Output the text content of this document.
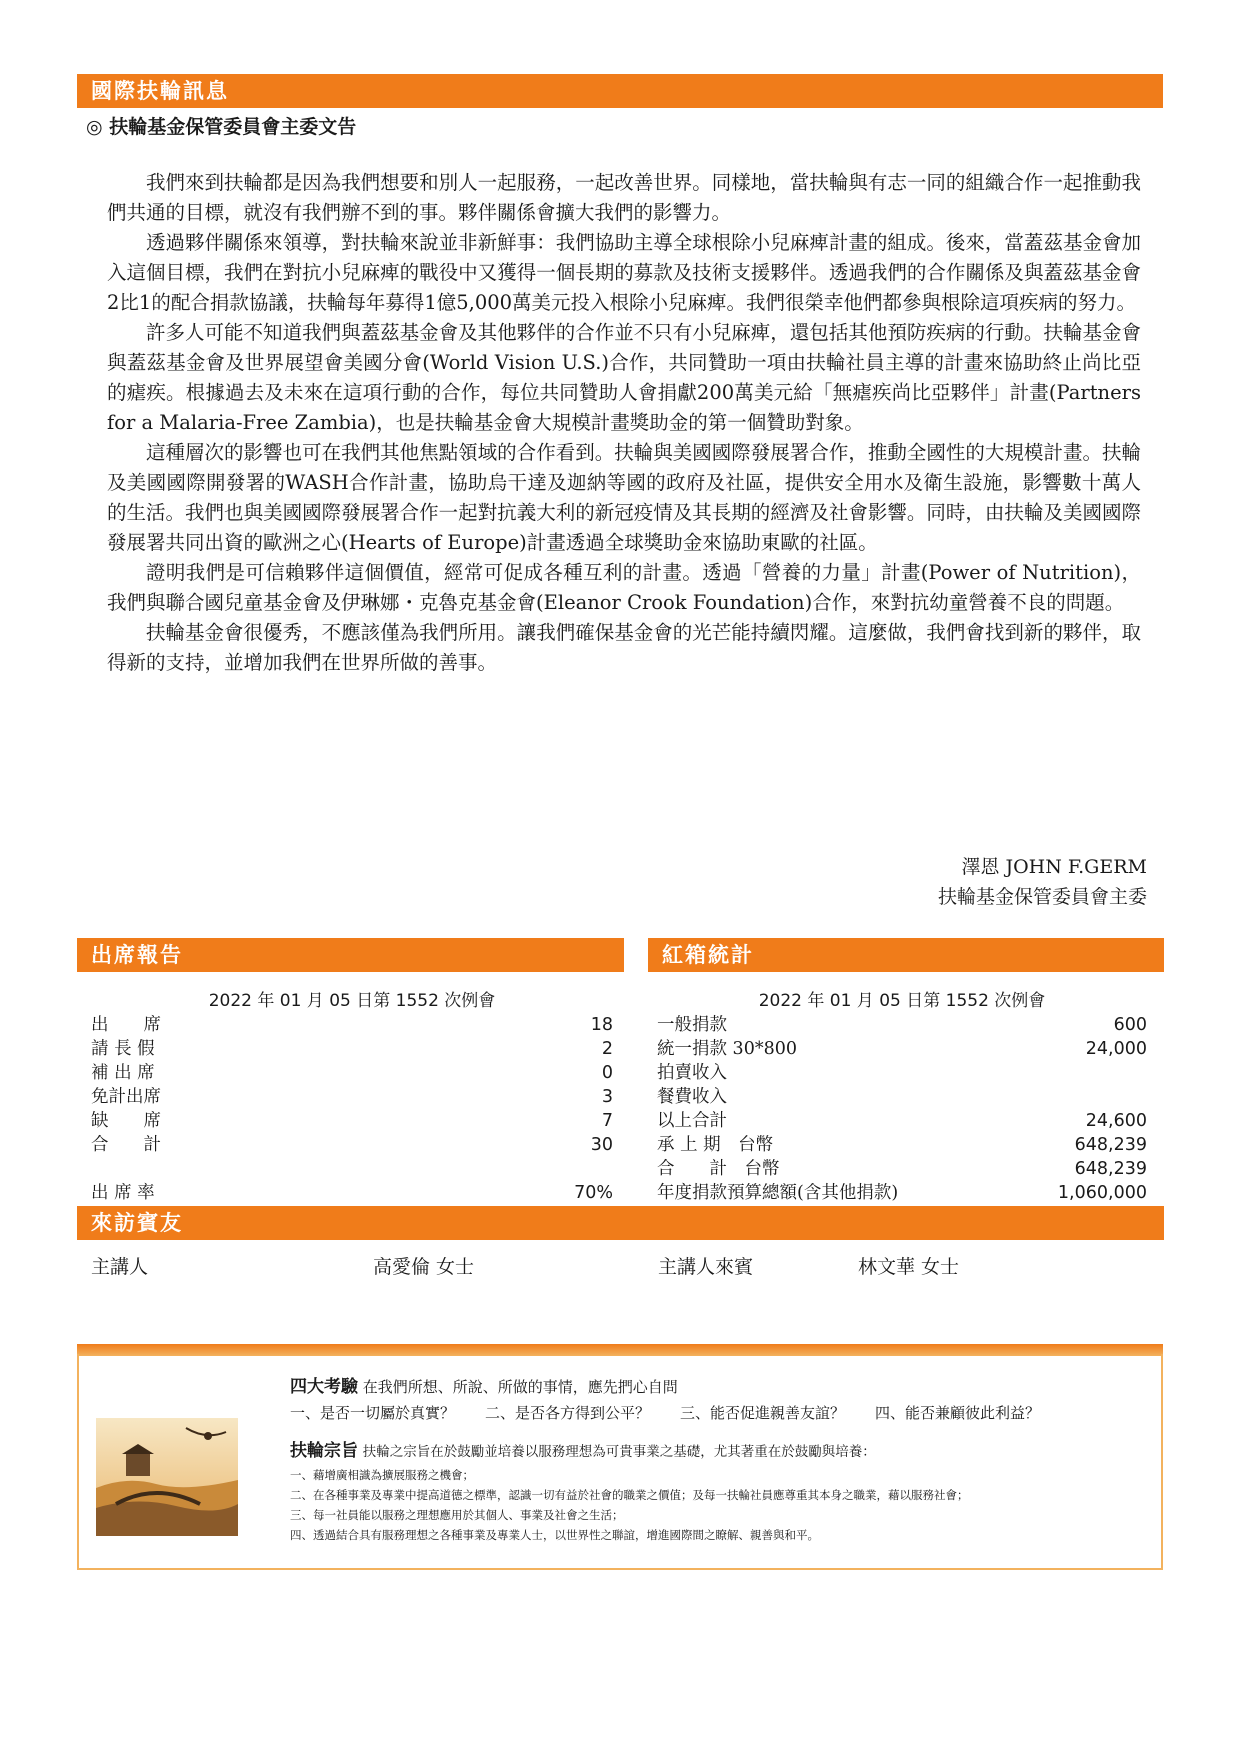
國際扶輪訊息
◎ 扶輪基金保管委員會主委文告

我們來到扶輪都是因為我們想要和別人一起服務，一起改善世界。同樣地，當扶輪與有志一同的組織合作一起推動我們共通的目標，就沒有我們辦不到的事。夥伴關係會擴大我們的影響力。

透過夥伴關係來領導，對扶輪來說並非新鮮事：我們協助主導全球根除小兒麻痺計畫的組成。後來，當蓋茲基金會加入這個目標，我們在對抗小兒麻痺的戰役中又獲得一個長期的募款及技術支援夥伴。透過我們的合作關係及與蓋茲基金會2比1的配合捐款協議，扶輪每年募得1億5,000萬美元投入根除小兒麻痺。我們很榮幸他們都參與根除這項疾病的努力。

許多人可能不知道我們與蓋茲基金會及其他夥伴的合作並不只有小兒麻痺，還包括其他預防疾病的行動。扶輪基金會與蓋茲基金會及世界展望會美國分會(World Vision U.S.)合作，共同贊助一項由扶輪社員主導的計畫來協助終止尚比亞的瘧疾。根據過去及未來在這項行動的合作，每位共同贊助人會捐獻200萬美元給「無瘧疾尚比亞夥伴」計畫(Partners for a Malaria-Free Zambia)，也是扶輪基金會大規模計畫獎助金的第一個贊助對象。

這種層次的影響也可在我們其他焦點領域的合作看到。扶輪與美國國際發展署合作，推動全國性的大規模計畫。扶輪及美國國際開發署的WASH合作計畫，協助烏干達及迦納等國的政府及社區，提供安全用水及衛生設施，影響數十萬人的生活。我們也與美國國際發展署合作一起對抗義大利的新冠疫情及其長期的經濟及社會影響。同時，由扶輪及美國國際發展署共同出資的歐洲之心(Hearts of Europe)計畫透過全球獎助金來協助東歐的社區。

證明我們是可信賴夥伴這個價值，經常可促成各種互利的計畫。透過「營養的力量」計畫(Power of Nutrition)，我們與聯合國兒童基金會及伊琳娜・克魯克基金會(Eleanor Crook Foundation)合作，來對抗幼童營養不良的問題。

扶輪基金會很優秀，不應該僅為我們所用。讓我們確保基金會的光芒能持續閃耀。這麼做，我們會找到新的夥伴，取得新的支持，並增加我們在世界所做的善事。

澤恩 JOHN F.GERM
扶輪基金保管委員會主委
出席報告	紅箱統計
2022 年 01 月 05 日第 1552 次例會
出　　席	18
請 長 假	2
補 出 席	0
免計出席	3
缺　　席	7
合　　計	30
出 席 率	70%
2022 年 01 月 05 日第 1552 次例會
一般捐款	600
統一捐款 30*800	24,000
拍賣收入
餐費收入
以上合計	24,600
承 上 期　台幣	648,239
合　　計　台幣	648,239
年度捐款預算總額(含其他捐款)	1,060,000
來訪賓友
主講人	高愛倫 女士	主講人來賓	林文華 女士
四大考驗 在我們所想、所說、所做的事情，應先捫心自問
一、是否一切屬於真實？　　二、是否各方得到公平？　　三、能否促進親善友誼？　　四、能否兼顧彼此利益？
扶輪宗旨 扶輪之宗旨在於鼓勵並培養以服務理想為可貴事業之基礎，尤其著重在於鼓勵與培養：
一、藉增廣相識為擴展服務之機會；
二、在各種事業及專業中提高道德之標準，認識一切有益於社會的職業之價值；及每一扶輪社員應尊重其本身之職業，藉以服務社會；
三、每一社員能以服務之理想應用於其個人、事業及社會之生活；
四、透過結合具有服務理想之各種事業及專業人士，以世界性之聯誼，增進國際間之瞭解、親善與和平。
